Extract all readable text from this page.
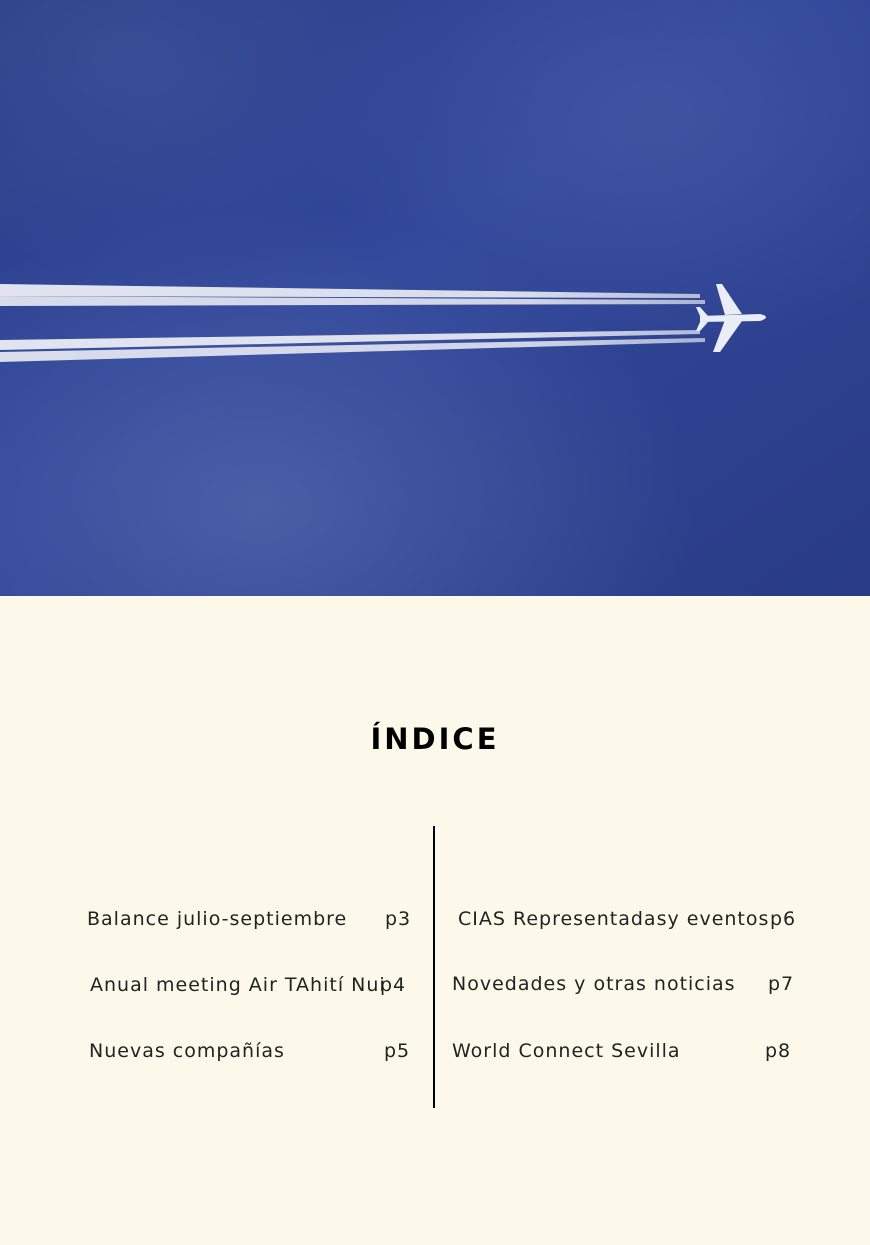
ÍNDICE
Balance julio-septiembre p3
Anual meeting Air TAhití Nui
p4
Nuevas compañías	p5
CIAS Representadasy eventos p6
Novedades y otras noticias p7
World Connect Sevilla	p8
